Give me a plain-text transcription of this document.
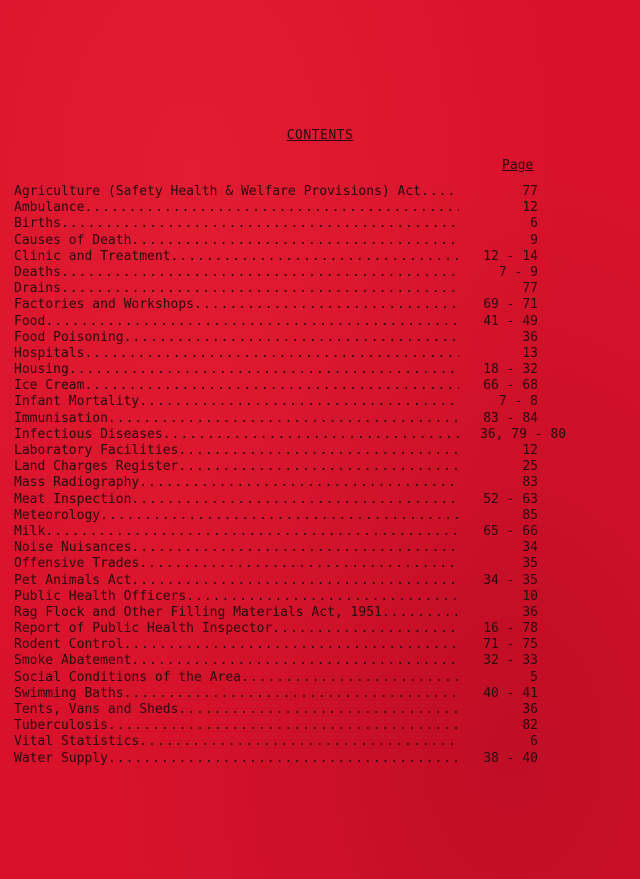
CONTENTS
Page
Agriculture (Safety Health & Welfare Provisions) Act .....	77
Ambulance .....	12
Births .....	6
Causes of Death .....	9
Clinic and Treatment .....	12 - 14
Deaths .....	7 - 9
Drains .....	77
Factories and Workshops .....	69 - 71
Food .....	41 - 49
Food Poisoning .....	36
Hospitals .....	13
Housing .....	18 - 32
Ice Cream .....	66 - 68
Infant Mortality .....	7 - 8
Immunisation .....	83 - 84
Infectious Diseases .....	36, 79 - 80
Laboratory Facilities .....	12
Land Charges Register .....	25
Mass Radiography .....	83
Meat Inspection .....	52 - 63
Meteorology .....	85
Milk .....	65 - 66
Noise Nuisances .....	34
Offensive Trades .....	35
Pet Animals Act .....	34 - 35
Public Health Officers .....	10
Rag Flock and Other Filling Materials Act, 1951 .....	36
Report of Public Health Inspector .....	16 - 78
Rodent Control .....	71 - 75
Smoke Abatement .....	32 - 33
Social Conditions of the Area .....	5
Swimming Baths .....	40 - 41
Tents, Vans and Sheds .....	36
Tuberculosis .....	82
Vital Statistics .....	6
Water Supply .....	38 - 40
